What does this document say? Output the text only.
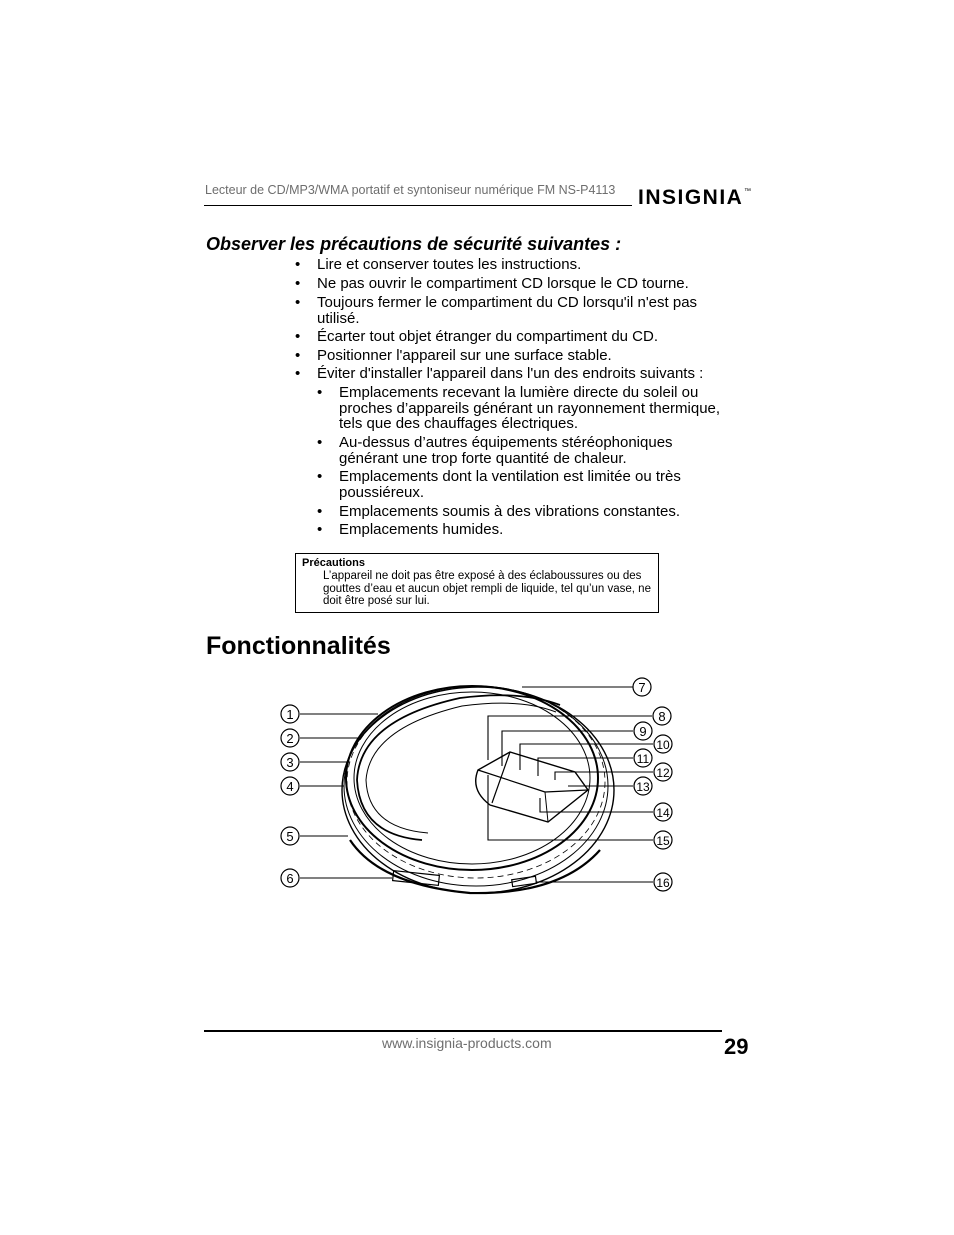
Lecteur de CD/MP3/WMA portatif et syntoniseur numérique FM NS-P4113 INSIGNIA ™
Observer les précautions de sécurité suivantes :
• Lire et conserver toutes les instructions.
• Ne pas ouvrir le compartiment CD lorsque le CD tourne.
• Toujours fermer le compartiment du CD lorsqu'il n'est pas utilisé.
• Écarter tout objet étranger du compartiment du CD.
• Positionner l'appareil sur une surface stable.
• Éviter d'installer l'appareil dans l'un des endroits suivants :
• Emplacements recevant la lumière directe du soleil ou proches d’appareils générant un rayonnement thermique, tels que des chauffages électriques.
• Au-dessus d’autres équipements stéréophoniques générant une trop forte quantité de chaleur.
• Emplacements dont la ventilation est limitée ou très poussiéreux.
• Emplacements soumis à des vibrations constantes.
• Emplacements humides.
Précautions
L’appareil ne doit pas être exposé à des éclaboussures ou des gouttes d’eau et aucun objet rempli de liquide, tel qu’un vase, ne doit être posé sur lui.
Fonctionnalités
1
2
3
4
5
6
7
8
9
10
11
12
13
14
15
16
www.insignia-products.com	29
